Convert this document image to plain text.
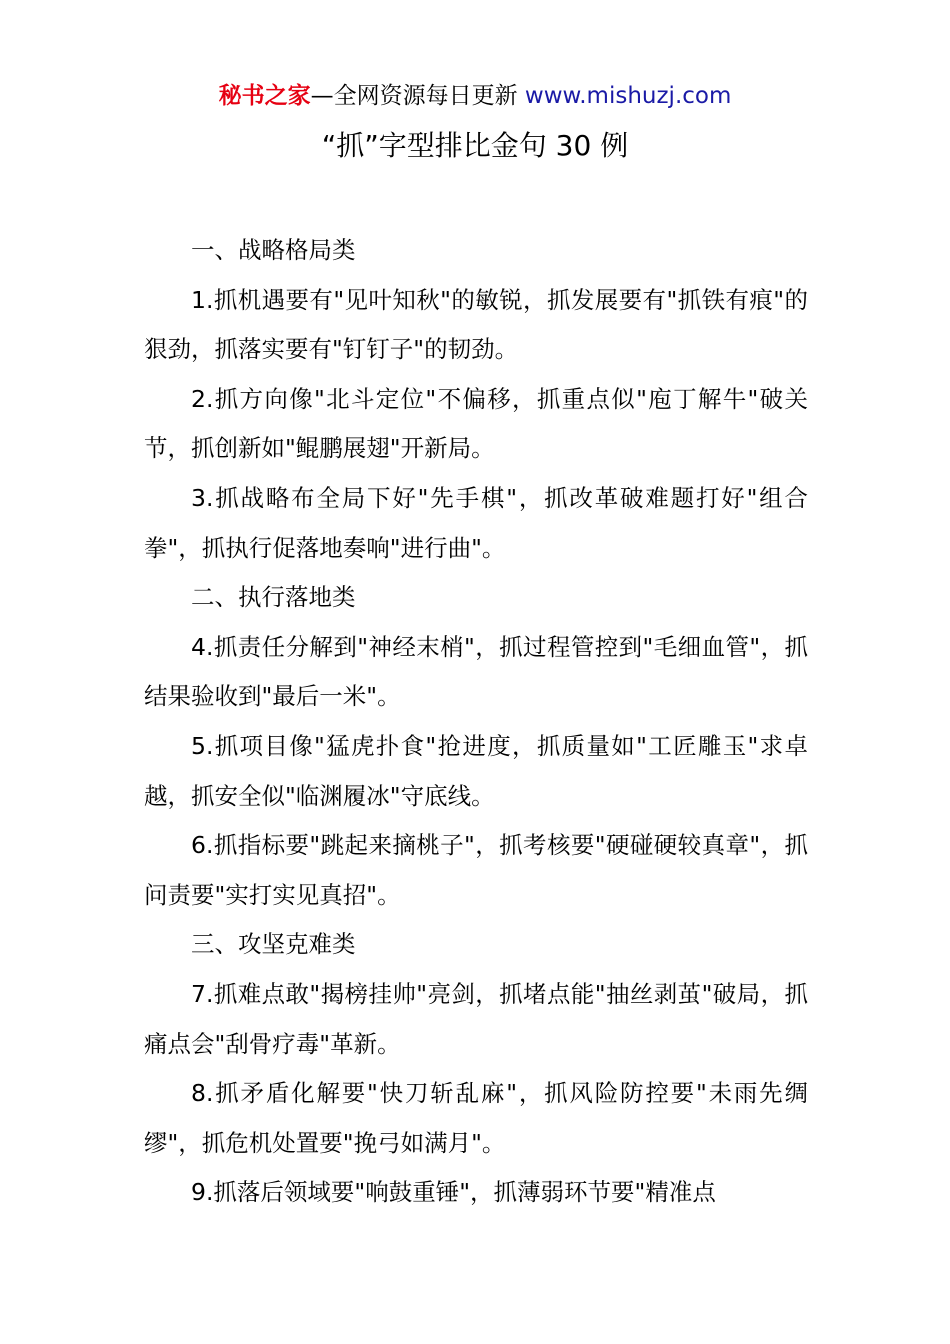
秘书之家—全网资源每日更新 www.mishuzj.com
“抓”字型排比金句 30 例

一、战略格局类

1.抓机遇要有"见叶知秋"的敏锐，抓发展要有"抓铁有痕"的狠劲，抓落实要有"钉钉子"的韧劲。

2.抓方向像"北斗定位"不偏移，抓重点似"庖丁解牛"破关节，抓创新如"鲲鹏展翅"开新局。

3.抓战略布全局下好"先手棋"，抓改革破难题打好"组合拳"，抓执行促落地奏响"进行曲"。

二、执行落地类

4.抓责任分解到"神经末梢"，抓过程管控到"毛细血管"，抓结果验收到"最后一米"。

5.抓项目像"猛虎扑食"抢进度，抓质量如"工匠雕玉"求卓越，抓安全似"临渊履冰"守底线。

6.抓指标要"跳起来摘桃子"，抓考核要"硬碰硬较真章"，抓问责要"实打实见真招"。

三、攻坚克难类

7.抓难点敢"揭榜挂帅"亮剑，抓堵点能"抽丝剥茧"破局，抓痛点会"刮骨疗毒"革新。

8.抓矛盾化解要"快刀斩乱麻"，抓风险防控要"未雨先绸缪"，抓危机处置要"挽弓如满月"。

9.抓落后领域要"响鼓重锤"，抓薄弱环节要"精准点
